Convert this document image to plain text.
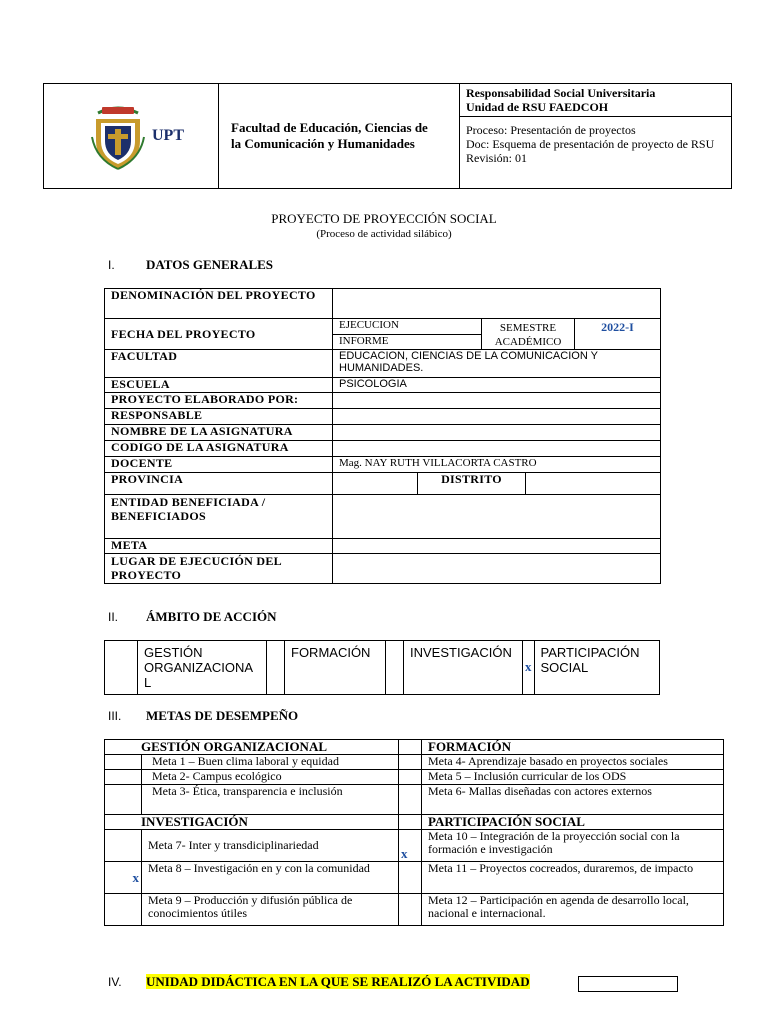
UPT	Facultad de Educación, Ciencias de la Comunicación y Humanidades

Responsabilidad Social Universitaria
Unidad de RSU FAEDCOH
Proceso: Presentación de proyectos
Doc: Esquema de presentación de proyecto de RSU Revisión: 01
PROYECTO DE PROYECCIÓN SOCIAL
(Proceso de actividad silábico)
I. DATOS GENERALES
DENOMINACIÓN DEL PROYECTO	
FECHA DEL PROYECTO	
EJECUCION	SEMESTRE ACADÉMICO	2022-I
INFORME

FACULTAD	EDUCACION, CIENCIAS DE LA COMUNICACION Y HUMANIDADES.
ESCUELA	PSICOLOGIA
PROYECTO ELABORADO POR:	
RESPONSABLE	
NOMBRE DE LA ASIGNATURA	
CODIGO DE LA ASIGNATURA	
DOCENTE	Mag. NAY RUTH VILLACORTA CASTRO
PROVINCIA		DISTRITO	
ENTIDAD BENEFICIADA / BENEFICIADOS	
META	
LUGAR DE EJECUCIÓN DEL PROYECTO	
II. ÁMBITO DE ACCIÓN
	GESTIÓN ORGANIZACIONA L		FORMACIÓN		INVESTIGACIÓN	x	PARTICIPACIÓN SOCIAL
III. METAS DE DESEMPEÑO
GESTIÓN ORGANIZACIONAL			FORMACIÓN
	Meta 1 – Buen clima laboral y equidad		Meta 4- Aprendizaje basado en proyectos sociales
	Meta 2- Campus ecológico		Meta 5 – Inclusión curricular de los ODS
	Meta 3- Ética, transparencia e inclusión		Meta 6- Mallas diseñadas con actores externos
INVESTIGACIÓN			PARTICIPACIÓN SOCIAL
	Meta 7- Inter y transdiciplinariedad	x	Meta 10 – Integración de la proyección social con la formación e investigación
x	Meta 8 – Investigación en y con la comunidad		Meta 11 – Proyectos cocreados, duraremos, de impacto
	Meta 9 – Producción y difusión pública de conocimientos útiles		Meta 12 – Participación en agenda de desarrollo local, nacional e internacional.
IV. UNIDAD DIDÁCTICA EN LA QUE SE REALIZÓ LA ACTIVIDAD
